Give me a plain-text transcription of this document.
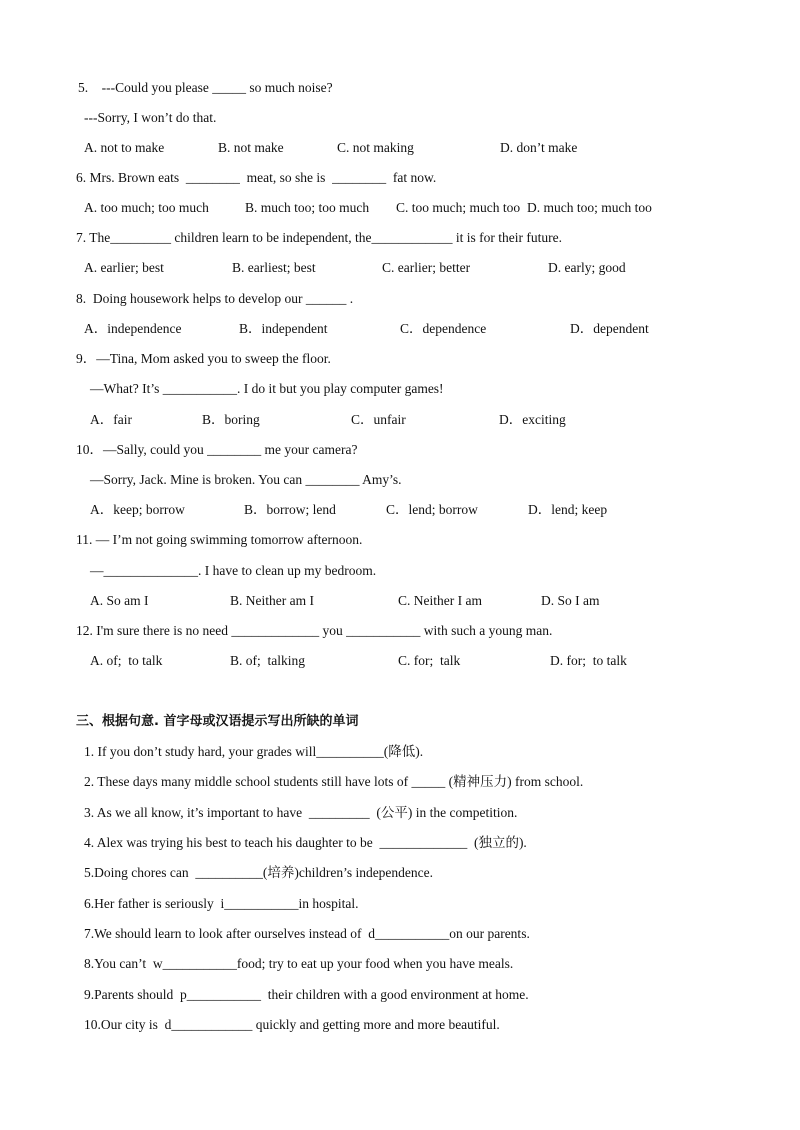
5.    ---Could you please _____ so much noise?
---Sorry, I won’t do that.
A. not to make	B. not make	C. not making	D. don’t make
6. Mrs. Brown eats  ________  meat, so she is  ________  fat now.
A. too much; too much	B. much too; too much C. too much; much too D. much too; much too
7. The_________ children learn to be independent, the____________ it is for their future.
A. earlier; best	B. earliest; best	C. earlier; better	D. early; good
8.  Doing housework helps to develop our ______ .
A．independence	B．independent	C．dependence	D．dependent
9．—Tina, Mom asked you to sweep the floor.
—What? It’s ___________. I do it but you play computer games!
A．fair	B．boring	C．unfair	D．exciting
10．—Sally, could you ________ me your camera?
—Sorry, Jack. Mine is broken. You can ________ Amy’s.
A．keep; borrow	B．borrow; lend	C．lend; borrow	D．lend; keep
11. — I’m not going swimming tomorrow afternoon.
—______________. I have to clean up my bedroom.
A. So am I	B. Neither am I	C. Neither I am	D. So I am
12. I'm sure there is no need _____________ you ___________ with such a young man.
A. of;  to talk	B. of;  talking	C. for;  talk	D. for;  to talk
三、根据句意. 首字母或汉语提示写出所缺的单词
1. If you don’t study hard, your grades will__________(降低).
2. These days many middle school students still have lots of _____ (精神压力) from school.
3. As we all know, it’s important to have  _________  (公平) in the competition.
4. Alex was trying his best to teach his daughter to be  _____________  (独立的).
5.Doing chores can  __________(培养)children’s independence.
6.Her father is seriously  i___________in hospital.
7.We should learn to look after ourselves instead of  d___________on our parents.
8.You can’t  w___________food; try to eat up your food when you have meals.
9.Parents should  p___________  their children with a good environment at home.
10.Our city is  d____________ quickly and getting more and more beautiful.
